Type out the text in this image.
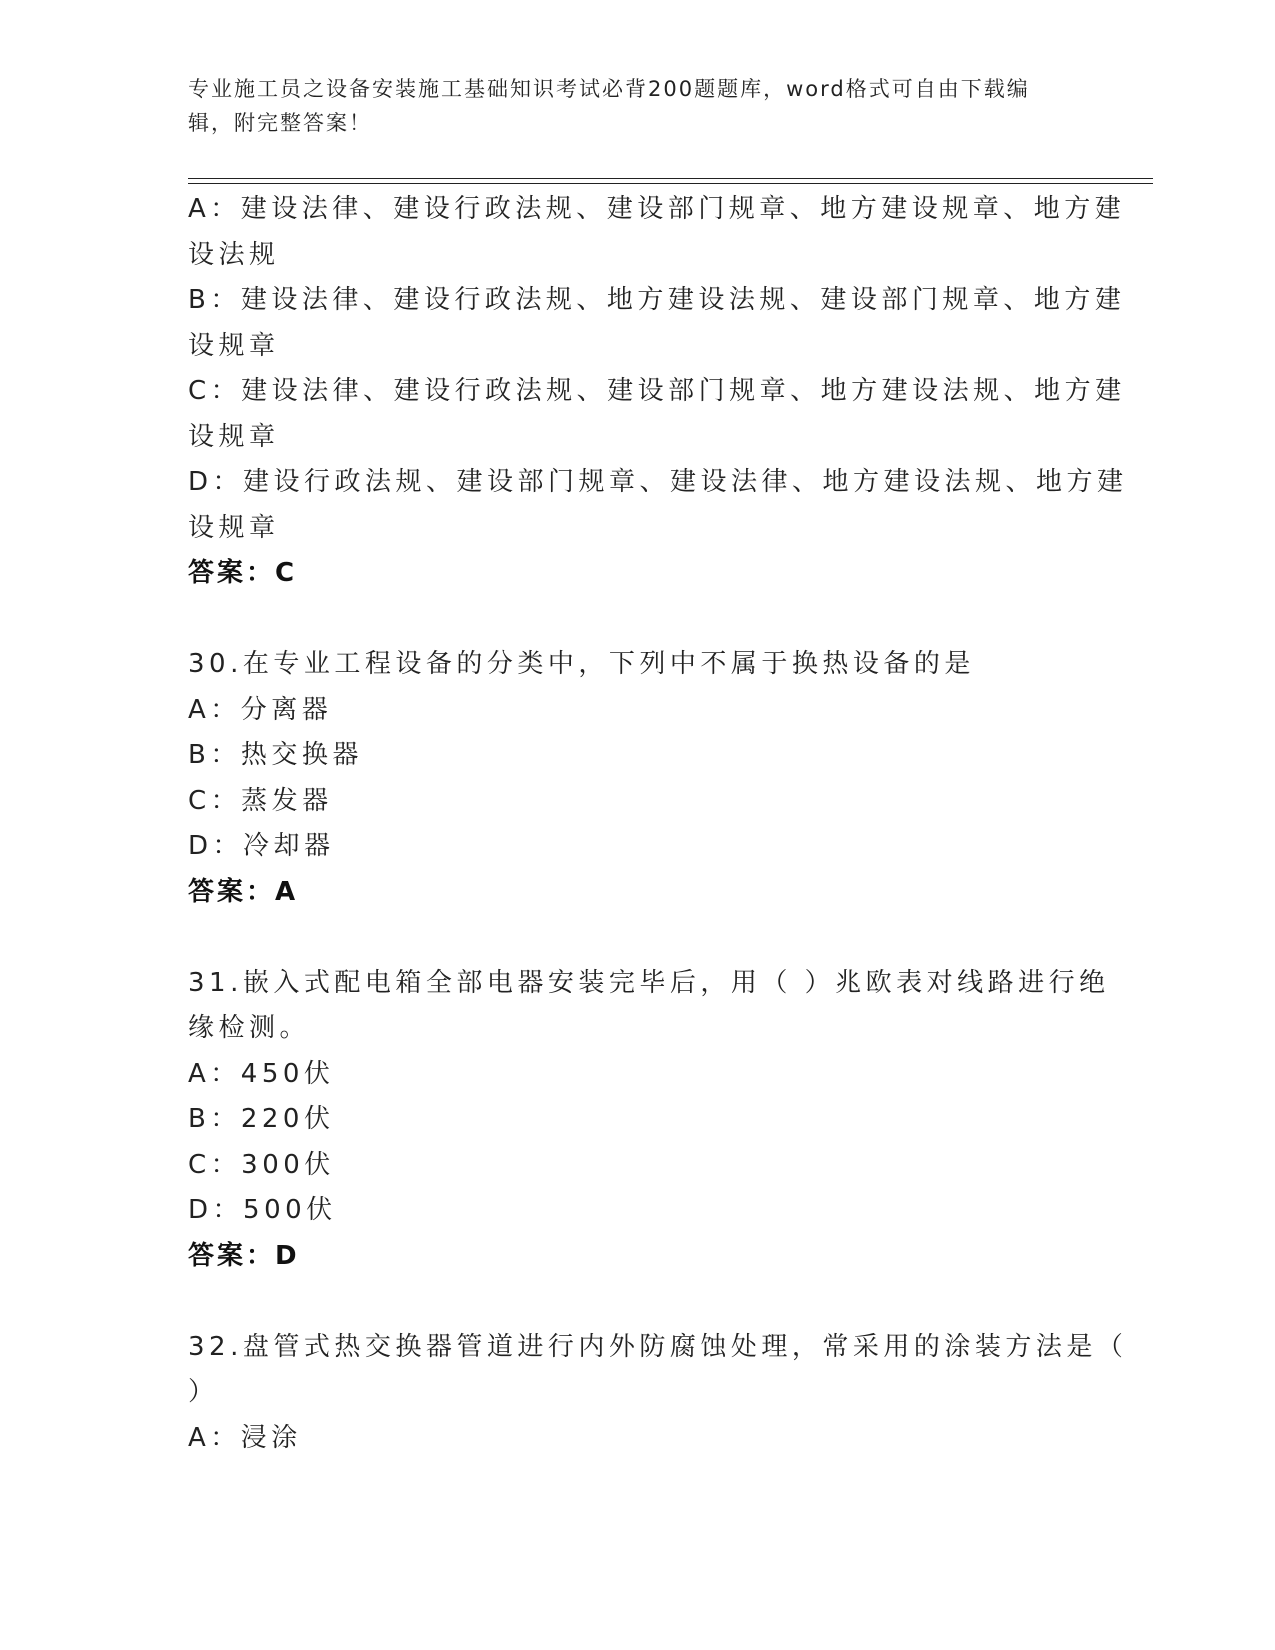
专业施工员之设备安装施工基础知识考试必背200题题库，word格式可自由下载编辑，附完整答案！
A：建设法律、建设行政法规、建设部门规章、地方建设规章、地方建
设法规
B：建设法律、建设行政法规、地方建设法规、建设部门规章、地方建
设规章
C：建设法律、建设行政法规、建设部门规章、地方建设法规、地方建
设规章
D：建设行政法规、建设部门规章、建设法律、地方建设法规、地方建
设规章
答案：C
30.在专业工程设备的分类中，下列中不属于换热设备的是
A：分离器
B：热交换器
C：蒸发器
D：冷却器
答案：A
31.嵌入式配电箱全部电器安装完毕后，用（ ）兆欧表对线路进行绝
缘检测。
A：450伏
B：220伏
C：300伏
D：500伏
答案：D
32.盘管式热交换器管道进行内外防腐蚀处理，常采用的涂装方法是（
）
A：浸涂
